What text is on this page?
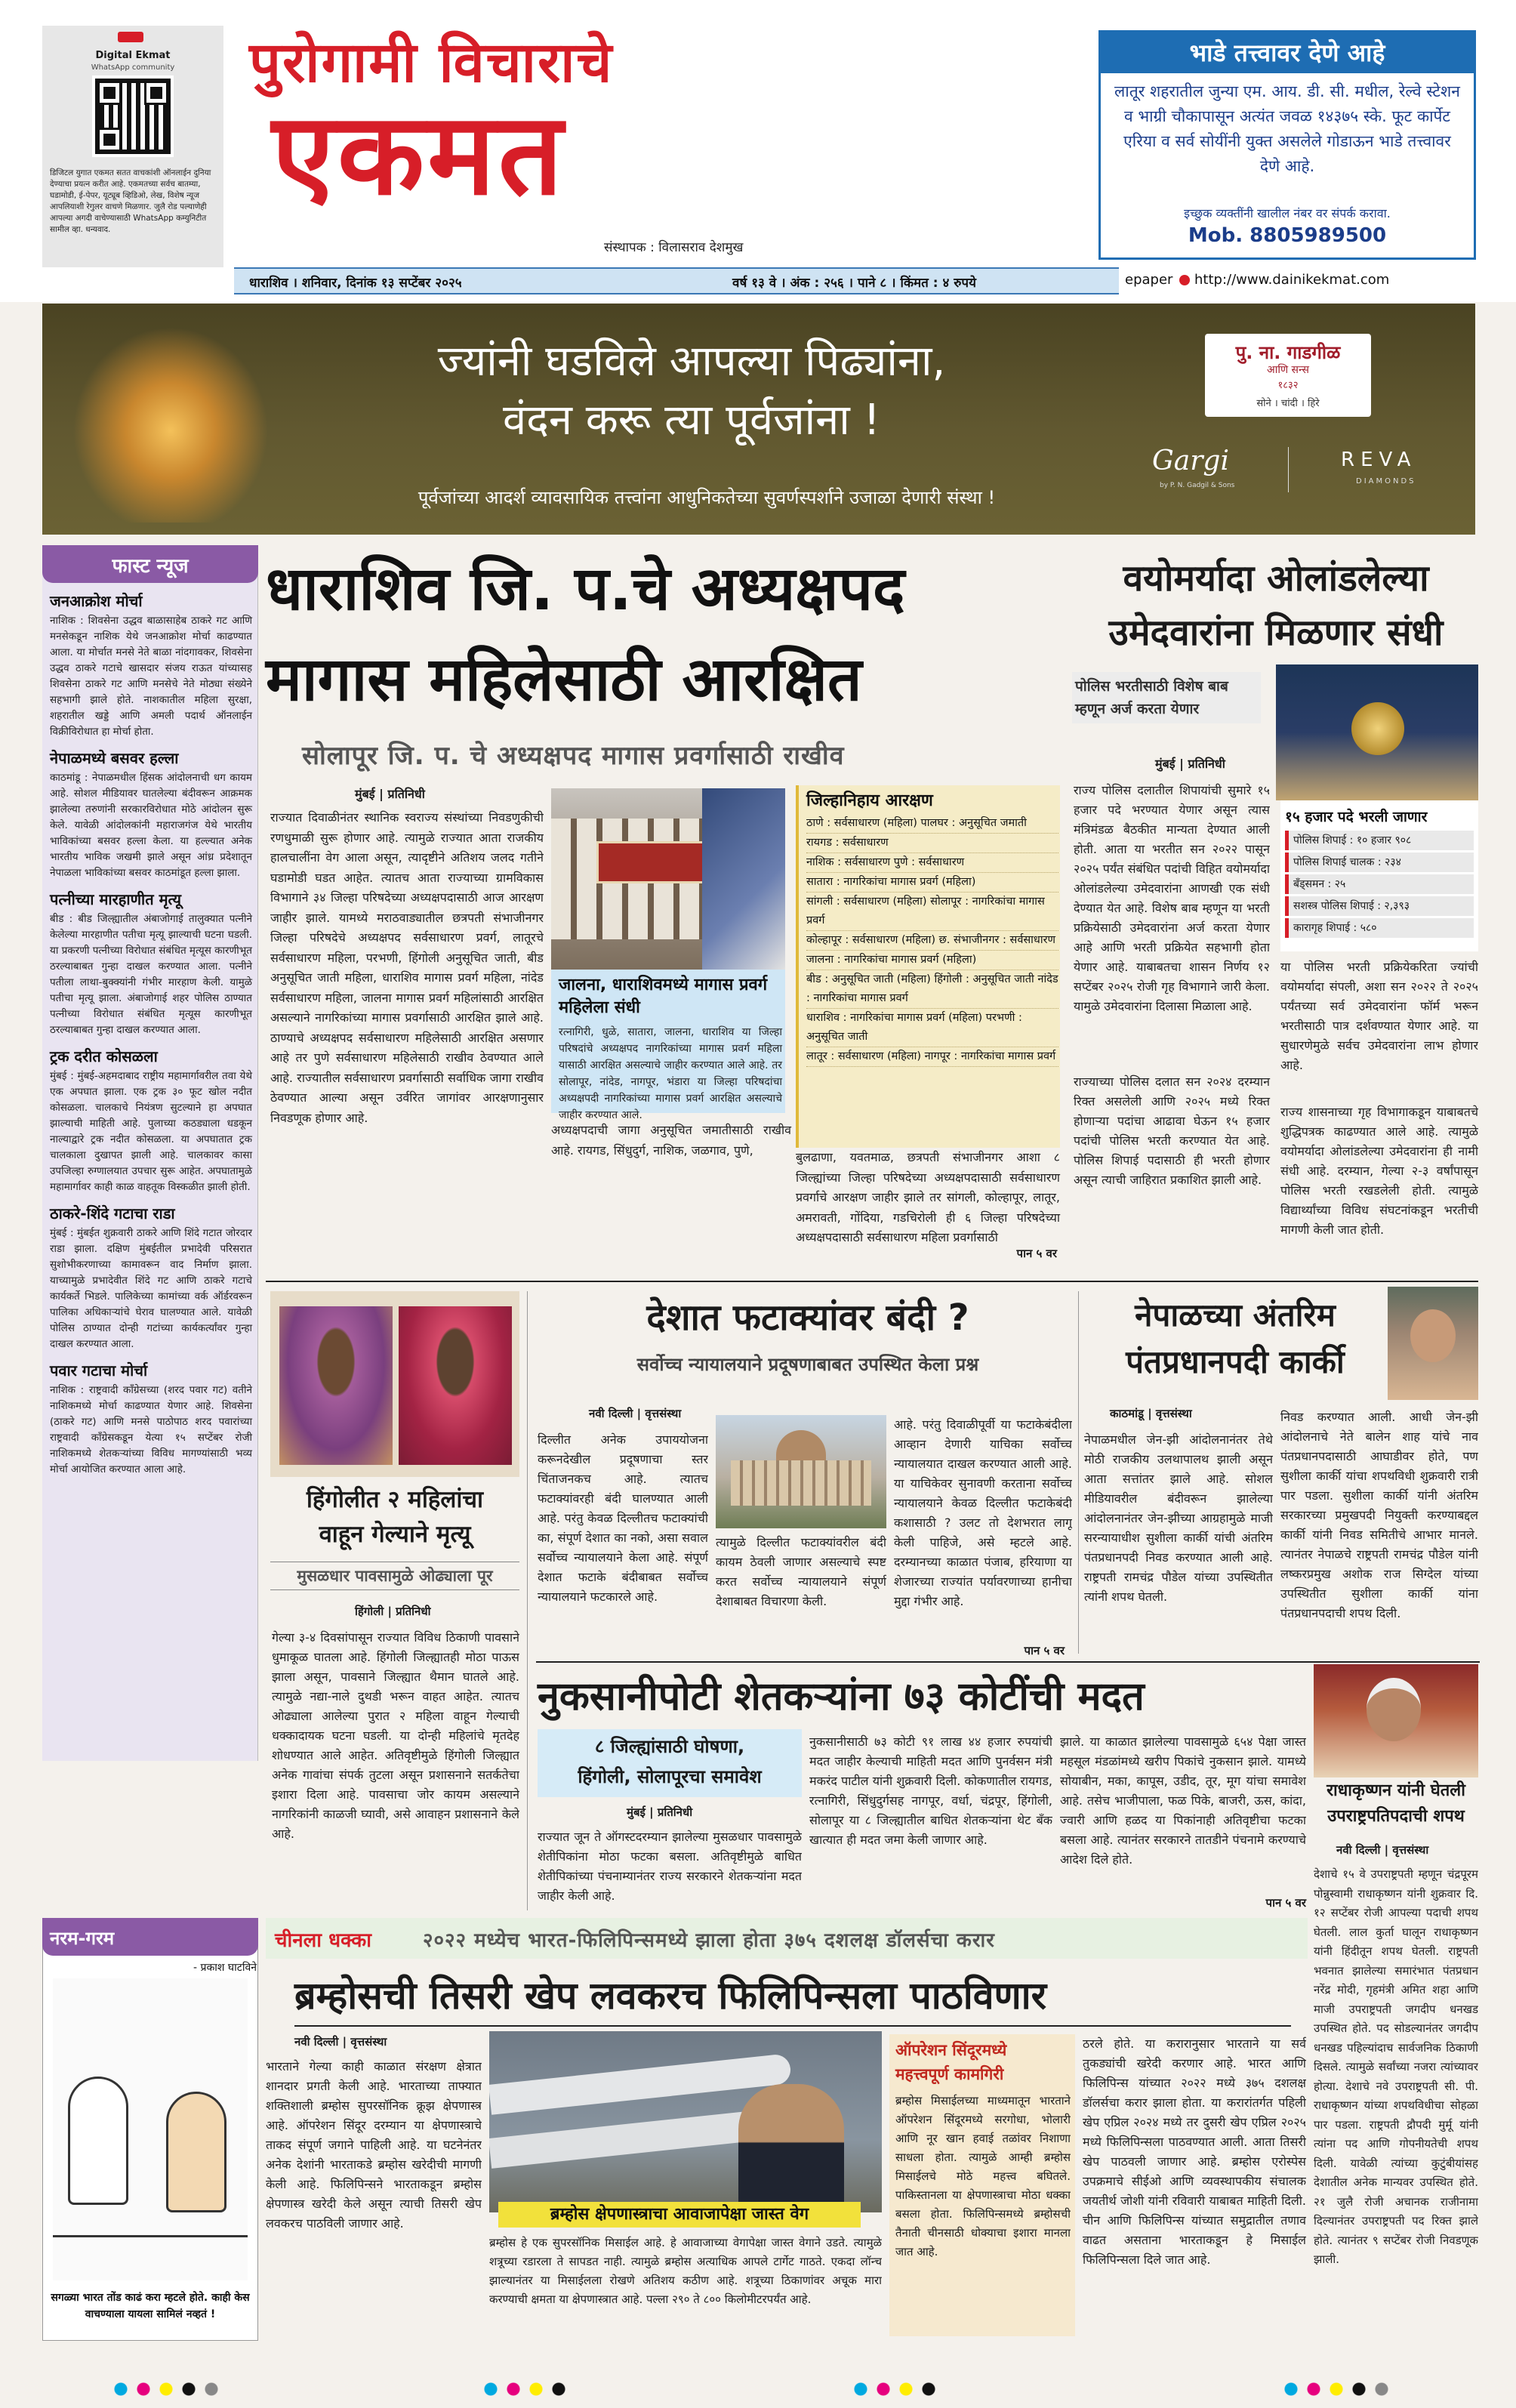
Digital Ekmat
WhatsApp community
डिजिटल युगात एकमत सतत वाचकांशी ऑनलाईन दुनिया देण्याचा प्रयत्न करीत आहे. एकमतच्या सर्वच बातम्या, घडामोडी, ई-पेपर, यूट्यूब व्हिडिओ, लेख, विशेष न्यूज आपलियाशी रेगुलर वाचणे मिळणार. जुलै रोड पल्याणेही आपल्या अगदी वाचेण्यासाठी WhatsApp कम्युनिटीत सामील व्हा. धन्यवाद.
पुरोगामी विचाराचे
एकमत
संस्थापक : विलासराव देशमुख
धाराशिव । शनिवार, दिनांक १३ सप्टेंबर २०२५	वर्ष १३ वे । अंक : २५६ । पाने ८ । किंमत : ४ रुपये	epaper	http://www.dainikekmat.com
भाडे तत्त्वावर देणे आहे
लातूर शहरातील जुन्या एम. आय. डी. सी. मधील, रेल्वे स्टेशन व भाग्री चौकापासून अत्यंत जवळ १४३७५ स्के. फूट कार्पेट एरिया व सर्व सोयींनी युक्त असलेले गोडाऊन भाडे तत्त्वावर देणे आहे.
इच्छुक व्यक्तींनी खालील नंबर वर संपर्क करावा.
Mob. 8805989500
ज्यांनी घडविले आपल्या पिढ्यांना,
वंदन करू त्या पूर्वजांना !
पूर्वजांच्या आदर्श व्यावसायिक तत्त्वांना आधुनिकतेच्या सुवर्णस्पर्शाने उजाळा देणारी संस्था !
पु. ना. गाडगीळ
आणि सन्स
१८३२
सोने । चांदी । हिरे
Gargi
by P. N. Gadgil & Sons
REVA
DIAMONDS
फास्ट न्यूज
जनआक्रोश मोर्चा
नाशिक : शिवसेना उद्धव बाळासाहेब ठाकरे गट आणि मनसेकडून नाशिक येथे जनआक्रोश मोर्चा काढण्यात आला. या मोर्चात मनसे नेते बाळा नांदगावकर, शिवसेना उद्धव ठाकरे गटाचे खासदार संजय राऊत यांच्यासह शिवसेना ठाकरे गट आणि मनसेचे नेते मोठ्या संख्येने सहभागी झाले होते. नाशकातील महिला सुरक्षा, शहरातील खड्डे आणि अमली पदार्थ ऑनलाईन विक्रीविरोधात हा मोर्चा होता.
नेपाळमध्ये बसवर हल्ला
काठमांडू : नेपाळमधील हिंसक आंदोलनाची धग कायम आहे. सोशल मीडियावर घातलेल्या बंदीवरून आक्रमक झालेल्या तरुणांनी सरकारविरोधात मोठे आंदोलन सुरू केले. यावेळी आंदोलकांनी महाराजगंज येथे भारतीय भाविकांच्या बसवर हल्ला केला. या हल्ल्यात अनेक भारतीय भाविक जखमी झाले असून आंध्र प्रदेशातून नेपाळला भाविकांच्या बसवर काठमांडूत हल्ला झाला.
पत्नीच्या मारहाणीत मृत्यू
बीड : बीड जिल्ह्यातील अंबाजोगाई तालुक्यात पत्नीने केलेल्या मारहाणीत पतीचा मृत्यू झाल्याची घटना घडली. या प्रकरणी पत्नीच्या विरोधात संबंधित मृत्यूस कारणीभूत ठरल्याबाबत गुन्हा दाखल करण्यात आला. पत्नीने पतीला लाथा-बुक्क्यांनी गंभीर मारहाण केली. यामुळे पतीचा मृत्यू झाला. अंबाजोगाई शहर पोलिस ठाण्यात पत्नीच्या विरोधात संबंधित मृत्यूस कारणीभूत ठरल्याबाबत गुन्हा दाखल करण्यात आला.
ट्रक दरीत कोसळला
मुंबई : मुंबई-अहमदाबाद राष्ट्रीय महामार्गावरील तवा येथे एक अपघात झाला. एक ट्रक ३० फूट खोल नदीत कोसळला. चालकाचे नियंत्रण सुटल्याने हा अपघात झाल्याची माहिती आहे. पुलाच्या कठड्याला धडकून नाल्याद्वारे ट्रक नदीत कोसळला. या अपघातात ट्रक चालकाला दुखापत झाली आहे. चालकावर कासा उपजिल्हा रुग्णालयात उपचार सुरू आहेत. अपघातामुळे महामार्गावर काही काळ वाहतूक विस्कळीत झाली होती.
ठाकरे-शिंदे गटाचा राडा
मुंबई : मुंबईत शुक्रवारी ठाकरे आणि शिंदे गटात जोरदार राडा झाला. दक्षिण मुंबईतील प्रभादेवी परिसरात सुशोभीकरणाच्या कामावरून वाद निर्माण झाला. याच्यामुळे प्रभादेवीत शिंदे गट आणि ठाकरे गटाचे कार्यकर्ते भिडले. पालिकेच्या कामांच्या वर्क ऑर्डरवरून पालिका अधिकाऱ्यांचे घेराव घालण्यात आले. यावेळी पोलिस ठाण्यात दोन्ही गटांच्या कार्यकर्त्यांवर गुन्हा दाखल करण्यात आला.
पवार गटाचा मोर्चा
नाशिक : राष्ट्रवादी कॉंग्रेसच्या (शरद पवार गट) वतीने नाशिकमध्ये मोर्चा काढण्यात येणार आहे. शिवसेना (ठाकरे गट) आणि मनसे पाठोपाठ शरद पवारांच्या राष्ट्रवादी कॉंग्रेसकडून येत्या १५ सप्टेंबर रोजी नाशिकमध्ये शेतकऱ्यांच्या विविध मागण्यांसाठी भव्य मोर्चा आयोजित करण्यात आला आहे.
धाराशिव जि. प.चे अध्यक्षपद
मागास महिलेसाठी आरक्षित
सोलापूर जि. प. चे अध्यक्षपद मागास प्रवर्गासाठी राखीव
मुंबई | प्रतिनिधी
राज्यात दिवाळीनंतर स्थानिक स्वराज्य संस्थांच्या निवडणुकीची रणधुमाळी सुरू होणार आहे. त्यामुळे राज्यात आता राजकीय हालचालींना वेग आला असून, त्यादृष्टीने अतिशय जलद गतीने घडामोडी घडत आहेत. त्यातच आता राज्याच्या ग्रामविकास विभागाने ३४ जिल्हा परिषदेच्या अध्यक्षपदासाठी आज आरक्षण जाहीर झाले. यामध्ये मराठवाड्यातील छत्रपती संभाजीनगर जिल्हा परिषदेचे अध्यक्षपद सर्वसाधारण प्रवर्ग, लातूरचे सर्वसाधारण महिला, परभणी, हिंगोली अनुसूचित जाती, बीड अनुसूचित जाती महिला, धाराशिव मागास प्रवर्ग महिला, नांदेड सर्वसाधारण महिला, जालना मागास प्रवर्ग महिलांसाठी आरक्षित असल्याने नागरिकांच्या मागास प्रवर्गासाठी आरक्षित झाले आहे. ठाण्याचे अध्यक्षपद सर्वसाधारण महिलेसाठी आरक्षित असणार आहे तर पुणे सर्वसाधारण महिलेसाठी राखीव ठेवण्यात आले आहे. राज्यातील सर्वसाधारण प्रवर्गासाठी सर्वाधिक जागा राखीव ठेवण्यात आल्या असून उर्वरित जागांवर आरक्षणानुसार निवडणूक होणार आहे.
जालना, धाराशिवमध्ये मागास प्रवर्ग महिलेला संधी
रत्नागिरी, धुळे, सातारा, जालना, धाराशिव या जिल्हा परिषदांचे अध्यक्षपद नागरिकांच्या मागास प्रवर्ग महिला यासाठी आरक्षित असल्याचे जाहीर करण्यात आले आहे. तर सोलापूर, नांदेड, नागपूर, भंडारा या जिल्हा परिषदांचा अध्यक्षपदी नागरिकांच्या मागास प्रवर्ग आरक्षित असल्याचे जाहीर करण्यात आले.
जिल्हानिहाय आरक्षण
ठाणे : सर्वसाधारण (महिला) पालघर : अनुसूचित जमाती
रायगड : सर्वसाधारण
नाशिक : सर्वसाधारण पुणे : सर्वसाधारण
सातारा : नागरिकांचा मागास प्रवर्ग (महिला)
सांगली : सर्वसाधारण (महिला) सोलापूर : नागरिकांचा मागास प्रवर्ग
कोल्हापूर : सर्वसाधारण (महिला) छ. संभाजीनगर : सर्वसाधारण
जालना : नागरिकांचा मागास प्रवर्ग (महिला)
बीड : अनुसूचित जाती (महिला) हिंगोली : अनुसूचित जाती नांदेड : नागरिकांचा मागास प्रवर्ग
धाराशिव : नागरिकांचा मागास प्रवर्ग (महिला) परभणी : अनुसूचित जाती
लातूर : सर्वसाधारण (महिला) नागपूर : नागरिकांचा मागास प्रवर्ग
अध्यक्षपदाची जागा अनुसूचित जमातीसाठी राखीव आहे. रायगड, सिंधुदुर्ग, नाशिक, जळगाव, पुणे,	बुलढाणा, यवतमाळ, छत्रपती संभाजीनगर आशा ८ जिल्ह्यांच्या जिल्हा परिषदेच्या अध्यक्षपदासाठी सर्वसाधारण प्रवर्गाचे आरक्षण जाहीर झाले तर सांगली, कोल्हापूर, लातूर, अमरावती, गोंदिया, गडचिरोली ही ६ जिल्हा परिषदेच्या अध्यक्षपदासाठी सर्वसाधारण महिला प्रवर्गासाठी
पान ५ वर
वयोमर्यादा ओलांडलेल्या
उमेदवारांना मिळणार संधी
पोलिस भरतीसाठी विशेष बाब म्हणून अर्ज करता येणार
मुंबई | प्रतिनिधी
राज्य पोलिस दलातील शिपायांची सुमारे १५ हजार पदे भरण्यात येणार असून त्यास मंत्रिमंडळ बैठकीत मान्यता देण्यात आली होती. आता या भरतीत सन २०२२ पासून २०२५ पर्यंत संबंधित पदांची विहित वयोमर्यादा ओलांडलेल्या उमेदवारांना आणखी एक संधी देण्यात येत आहे. विशेष बाब म्हणून या भरती प्रक्रियेसाठी उमेदवारांना अर्ज करता येणार आहे आणि भरती प्रक्रियेत सहभागी होता येणार आहे. याबाबतचा शासन निर्णय १२ सप्टेंबर २०२५ रोजी गृह विभागाने जारी केला. यामुळे उमेदवारांना दिलासा मिळाला आहे.
१५ हजार पदे भरली जाणार
पोलिस शिपाई : १० हजार ९०८
पोलिस शिपाई चालक : २३४
बँड्समन : २५
सशस्त्र पोलिस शिपाई : २,३९३
कारागृह शिपाई : ५८०
राज्याच्या पोलिस दलात सन २०२४ दरम्यान रिक्त असलेली आणि २०२५ मध्ये रिक्त होणाऱ्या पदांचा आढावा घेऊन १५ हजार पदांची पोलिस भरती करण्यात येत आहे. पोलिस शिपाई पदासाठी ही भरती होणार असून त्याची जाहिरात प्रकाशित झाली आहे.
या पोलिस भरती प्रक्रियेकरिता ज्यांची वयोमर्यादा संपली, अशा सन २०२२ ते २०२५ पर्यंतच्या सर्व उमेदवारांना फॉर्म भरून भरतीसाठी पात्र दर्शवण्यात येणार आहे. या सुधारणेमुळे सर्वच उमेदवारांना लाभ होणार आहे.
राज्य शासनाच्या गृह विभागाकडून याबाबतचे शुद्धिपत्रक काढण्यात आले आहे. त्यामुळे वयोमर्यादा ओलांडलेल्या उमेदवारांना ही नामी संधी आहे. दरम्यान, गेल्या २-३ वर्षांपासून पोलिस भरती रखडलेली होती. त्यामुळे विद्यार्थ्यांच्या विविध संघटनांकडून भरतीची मागणी केली जात होती.
हिंगोलीत २ महिलांचा
वाहून गेल्याने मृत्यू
मुसळधार पावसामुळे ओढ्याला पूर
हिंगोली | प्रतिनिधी
गेल्या ३-४ दिवसांपासून राज्यात विविध ठिकाणी पावसाने धुमाकूळ घातला आहे. हिंगोली जिल्ह्यातही मोठा पाऊस झाला असून, पावसाने जिल्ह्यात थैमान घातले आहे. त्यामुळे नद्या-नाले दुथडी भरून वाहत आहेत. त्यातच ओढ्याला आलेल्या पुरात २ महिला वाहून गेल्याची धक्कादायक घटना घडली. या दोन्ही महिलांचे मृतदेह शोधण्यात आले आहेत. अतिवृष्टीमुळे हिंगोली जिल्ह्यात अनेक गावांचा संपर्क तुटला असून प्रशासनाने सतर्कतेचा इशारा दिला आहे. पावसाचा जोर कायम असल्याने नागरिकांनी काळजी घ्यावी, असे आवाहन प्रशासनाने केले आहे.
देशात फटाक्यांवर बंदी ?
सर्वोच्च न्यायालयाने प्रदूषणाबाबत उपस्थित केला प्रश्न
नवी दिल्ली | वृत्तसंस्था
दिल्लीत अनेक उपाययोजना करूनदेखील प्रदूषणाचा स्तर चिंताजनकच आहे. त्यातच फटाक्यांवरही बंदी घालण्यात आली आहे. परंतु केवळ दिल्लीतच फटाक्यांची का, संपूर्ण देशात का नको, असा सवाल सर्वोच्च न्यायालयाने केला आहे. संपूर्ण देशात फटाके बंदीबाबत सर्वोच्च न्यायालयाने फटकारले आहे.
त्यामुळे दिल्लीत फटाक्यांवरील बंदी कायम ठेवली जाणार असल्याचे स्पष्ट करत सर्वोच्च न्यायालयाने संपूर्ण देशाबाबत विचारणा केली.
आहे. परंतु दिवाळीपूर्वी या फटाकेबंदीला आव्हान देणारी याचिका सर्वोच्च न्यायालयात दाखल करण्यात आली आहे. या याचिकेवर सुनावणी करताना सर्वोच्च न्यायालयाने केवळ दिल्लीत फटाकेबंदी कशासाठी ? उलट तो देशभरात लागू केली पाहिजे, असे म्हटले आहे. दरम्यानच्या काळात पंजाब, हरियाणा या शेजारच्या राज्यांत पर्यावरणाच्या हानीचा मुद्दा गंभीर आहे.
पान ५ वर
नेपाळच्या अंतरिम
पंतप्रधानपदी कार्की
काठमांडू | वृत्तसंस्था
नेपाळमधील जेन-झी आंदोलनानंतर तेथे मोठी राजकीय उलथापालथ झाली असून आता सत्तांतर झाले आहे. सोशल मीडियावरील बंदीवरून झालेल्या आंदोलनानंतर जेन-झीच्या आग्रहामुळे माजी सरन्यायाधीश सुशीला कार्की यांची अंतरिम पंतप्रधानपदी निवड करण्यात आली आहे. राष्ट्रपती रामचंद्र पौडेल यांच्या उपस्थितीत त्यांनी शपथ घेतली.
निवड करण्यात आली. आधी जेन-झी आंदोलनाचे नेते बालेन शाह यांचे नाव पंतप्रधानपदासाठी आघाडीवर होते, पण सुशीला कार्की यांचा शपथविधी शुक्रवारी रात्री पार पडला. सुशीला कार्की यांनी अंतरिम सरकारच्या प्रमुखपदी नियुक्ती करण्याबद्दल कार्की यांनी निवड समितीचे आभार मानले. त्यानंतर नेपाळचे राष्ट्रपती रामचंद्र पौडेल यांनी लष्करप्रमुख अशोक राज सिग्देल यांच्या उपस्थितीत सुशीला कार्की यांना पंतप्रधानपदाची शपथ दिली.
नुकसानीपोटी शेतकऱ्यांना ७३ कोटींची मदत
८ जिल्ह्यांसाठी घोषणा,
हिंगोली, सोलापूरचा समावेश
मुंबई | प्रतिनिधी
राज्यात जून ते ऑगस्टदरम्यान झालेल्या मुसळधार पावसामुळे शेतीपिकांना मोठा फटका बसला. अतिवृष्टीमुळे बाधित शेतीपिकांच्या पंचनाम्यानंतर राज्य सरकारने शेतकऱ्यांना मदत जाहीर केली आहे.
नुकसानीसाठी ७३ कोटी ९१ लाख ४४ हजार रुपयांची मदत जाहीर केल्याची माहिती मदत आणि पुनर्वसन मंत्री मकरंद पाटील यांनी शुक्रवारी दिली. कोकणातील रायगड, रत्नागिरी, सिंधुदुर्गसह नागपूर, वर्धा, चंद्रपूर, हिंगोली, सोलापूर या ८ जिल्ह्यातील बाधित शेतकऱ्यांना थेट बँक खात्यात ही मदत जमा केली जाणार आहे.
झाले. या काळात झालेल्या पावसामुळे ६५४ पेक्षा जास्त महसूल मंडळांमध्ये खरीप पिकांचे नुकसान झाले. यामध्ये सोयाबीन, मका, कापूस, उडीद, तूर, मूग यांचा समावेश आहे. तसेच भाजीपाला, फळ पिके, बाजरी, ऊस, कांदा, ज्वारी आणि हळद या पिकांनाही अतिवृष्टीचा फटका बसला आहे. त्यानंतर सरकारने तातडीने पंचनामे करण्याचे आदेश दिले होते.
पान ५ वर
राधाकृष्णन यांनी घेतली
उपराष्ट्रपतिपदाची शपथ
नवी दिल्ली | वृत्तसंस्था
देशाचे १५ वे उपराष्ट्रपती म्हणून चंद्रपूरम पोन्नुस्वामी राधाकृष्णन यांनी शुक्रवार दि. १२ सप्टेंबर रोजी आपल्या पदाची शपथ घेतली. लाल कुर्ता घालून राधाकृष्णन यांनी हिंदीतून शपथ घेतली. राष्ट्रपती भवनात झालेल्या समारंभात पंतप्रधान नरेंद्र मोदी, गृहमंत्री अमित शहा आणि माजी उपराष्ट्रपती जगदीप धनखड उपस्थित होते. पद सोडल्यानंतर जगदीप धनखड पहिल्यांदाच सार्वजनिक ठिकाणी दिसले. त्यामुळे सर्वांच्या नजरा त्यांच्यावर होत्या. देशाचे नवे उपराष्ट्रपती सी. पी. राधाकृष्णन यांच्या शपथविधीचा सोहळा पार पडला. राष्ट्रपती द्रौपदी मुर्मू यांनी त्यांना पद आणि गोपनीयतेची शपथ दिली. यावेळी त्यांच्या कुटुंबीयांसह देशातील अनेक मान्यवर उपस्थित होते. २१ जुलै रोजी अचानक राजीनामा दिल्यानंतर उपराष्ट्रपती पद रिक्त झाले होते. त्यानंतर ९ सप्टेंबर रोजी निवडणूक झाली.
चीनला धक्का	२०२२ मध्येच भारत-फिलिपिन्समध्ये झाला होता ३७५ दशलक्ष डॉलर्सचा करार
नरम-गरम
- प्रकाश घाटविने
सगळ्या भारत तोंड काढं करा म्हटले होते. काही केस वाचण्याला यायला सामिलं नव्हतं !
ब्रम्होसची तिसरी खेप लवकरच फिलिपिन्सला पाठविणार
नवी दिल्ली | वृत्तसंस्था
भारताने गेल्या काही काळात संरक्षण क्षेत्रात शानदार प्रगती केली आहे. भारताच्या ताफ्यात शक्तिशाली ब्रम्होस सुपरसॉनिक क्रूझ क्षेपणास्त्र आहे. ऑपरेशन सिंदूर दरम्यान या क्षेपणास्त्राचे ताकद संपूर्ण जगाने पाहिली आहे. या घटनेनंतर अनेक देशांनी भारताकडे ब्रम्होस खरेदीची मागणी केली आहे. फिलिपिन्सने भारताकडून ब्रम्होस क्षेपणास्त्र खरेदी केले असून त्याची तिसरी खेप लवकरच पाठविली जाणार आहे.	ब्रम्होस क्षेपणास्त्राचा आवाजापेक्षा जास्त वेग
ब्रम्होस हे एक सुपरसॉनिक मिसाईल आहे. हे आवाजाच्या वेगापेक्षा जास्त वेगाने उडते. त्यामुळे शत्रूच्या रडारला ते सापडत नाही. त्यामुळे ब्रम्होस अत्याधिक आपले टार्गेट गाठते. एकदा लॉन्च झाल्यानंतर या मिसाईलला रोखणे अतिशय कठीण आहे. शत्रूच्या ठिकाणांवर अचूक मारा करण्याची क्षमता या क्षेपणास्त्रात आहे. पल्ला २९० ते ८०० किलोमीटरपर्यंत आहे.
ऑपरेशन सिंदूरमध्ये
महत्त्वपूर्ण कामगिरी
ब्रम्होस मिसाईलच्या माध्यमातून भारताने ऑपरेशन सिंदूरमध्ये सरगोधा, भोलारी आणि नूर खान हवाई तळांवर निशाणा साधला होता. त्यामुळे आम्ही ब्रम्होस मिसाईलचे मोठे महत्त्व बघितले. पाकिस्तानला या क्षेपणास्त्राचा मोठा धक्का बसला होता. फिलिपिन्समध्ये ब्रम्होसची तैनाती चीनसाठी धोक्याचा इशारा मानला जात आहे.
ठरले होते. या करारानुसार भारताने या सर्व तुकड्यांची खरेदी करणार आहे. भारत आणि फिलिपिन्स यांच्यात २०२२ मध्ये ३७५ दशलक्ष डॉलर्सचा करार झाला होता. या करारांतर्गत पहिली खेप एप्रिल २०२४ मध्ये तर दुसरी खेप एप्रिल २०२५ मध्ये फिलिपिन्सला पाठवण्यात आली. आता तिसरी खेप पाठवली जाणार आहे. ब्रम्होस एरोस्पेस उपक्रमाचे सीईओ आणि व्यवस्थापकीय संचालक जयतीर्थ जोशी यांनी रविवारी याबाबत माहिती दिली. चीन आणि फिलिपिन्स यांच्यात समुद्रातील तणाव वाढत असताना भारताकडून हे मिसाईल फिलिपिन्सला दिले जात आहे.
